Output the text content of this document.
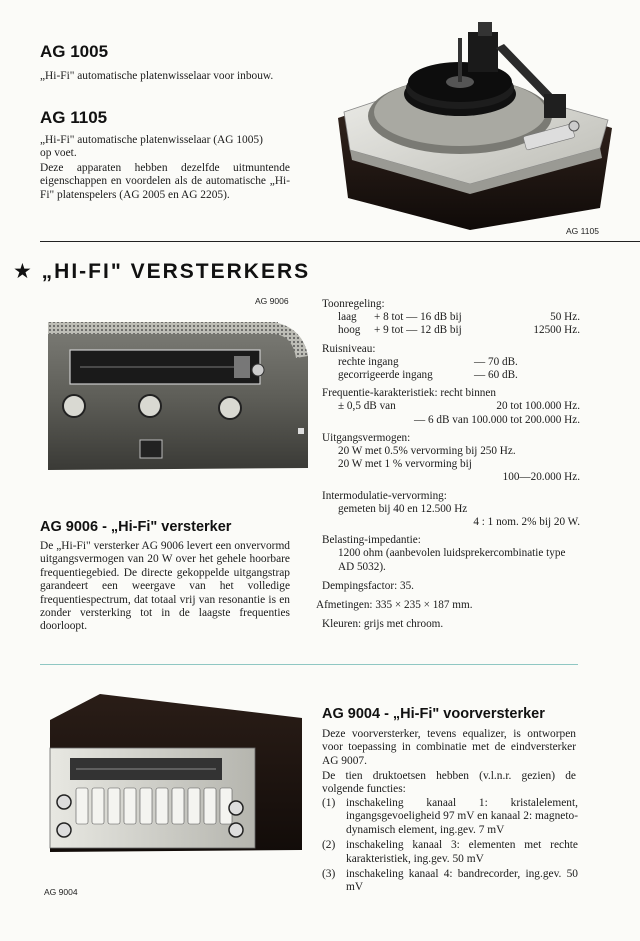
AG 1005
„Hi-Fi" automatische platenwisselaar voor inbouw.
AG 1105
„Hi-Fi" automatische platenwisselaar (AG 1005) op voet.
Deze apparaten hebben dezelfde uitmuntende eigenschappen en voordelen als de automatische „Hi-Fi" platenspelers (AG 2005 en AG 2205).
AG 1105
★ „HI-FI" VERSTERKERS
AG 9006
AG 9006 - „Hi-Fi" versterker
De „Hi-Fi" versterker AG 9006 levert een onvervormd uitgangsvermogen van 20 W over het gehele hoorbare frequentiegebied. De directe gekoppelde uitgangstrap garandeert een weergave van het volledige frequentiespectrum, dat totaal vrij van resonantie is en zonder versterking tot in de laagste frequenties doorloopt.
Toonregeling:
laag	+ 8 tot — 16 dB bij	50 Hz.
hoog	+ 9 tot — 12 dB bij	12500 Hz.
Ruisniveau:
rechte ingang	— 70 dB.
gecorrigeerde ingang	— 60 dB.
Frequentie-karakteristiek: recht binnen
± 0,5 dB van	20 tot 100.000 Hz.
— 6 dB van 100.000 tot 200.000 Hz.
Uitgangsvermogen:
20 W met 0.5% vervorming bij 250 Hz.
20 W met 1 % vervorming bij
100—20.000 Hz.
Intermodulatie-vervorming:
gemeten bij 40 en 12.500 Hz
4 : 1 nom. 2% bij 20 W.
Belasting-impedantie:
1200 ohm (aanbevolen luidsprekercombinatie type AD 5032).
Dempingsfactor: 35.
Afmetingen: 335 × 235 × 187 mm.
Kleuren: grijs met chroom.
AG 9004
AG 9004 - „Hi-Fi" voorversterker
Deze voorversterker, tevens equalizer, is ontworpen voor toepassing in combinatie met de eindversterker AG 9007.
De tien druktoetsen hebben (v.l.n.r. gezien) de volgende functies:
(1) inschakeling kanaal 1: kristalelement, ingangsgevoeligheid 97 mV en kanaal 2: magneto-dynamisch element, ing.gev. 7 mV
(2) inschakeling kanaal 3: elementen met rechte karakteristiek, ing.gev. 50 mV
(3) inschakeling kanaal 4: bandrecorder, ing.gev. 50 mV
